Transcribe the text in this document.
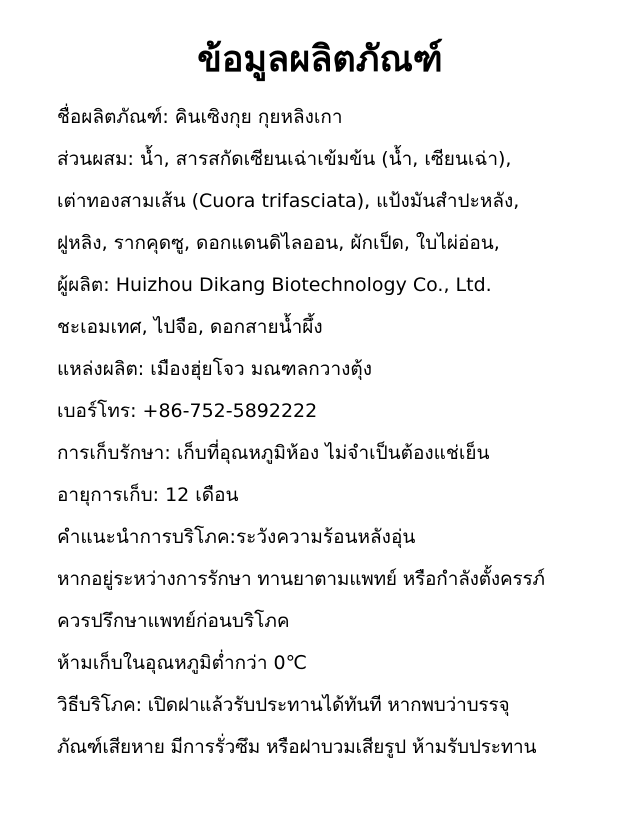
ข้อมูลผลิตภัณฑ์
ชื่อผลิตภัณฑ์: คินเซิงกุย กุยหลิงเกา
ส่วนผสม: น้ำ, สารสกัดเซียนเฉ่าเข้มข้น (น้ำ, เซียนเฉ่า),
เต่าทองสามเส้น (Cuora trifasciata), แป้งมันสำปะหลัง,
ฝูหลิง, รากคุดซู, ดอกแดนดิไลออน, ผักเป็ด, ใบไผ่อ่อน,
ผู้ผลิต: Huizhou Dikang Biotechnology Co., Ltd.
ชะเอมเทศ, ไปจือ, ดอกสายน้ำผึ้ง
แหล่งผลิต: เมืองฮุ่ยโจว มณฑลกวางตุ้ง
เบอร์โทร: +86-752-5892222
การเก็บรักษา: เก็บที่อุณหภูมิห้อง ไม่จำเป็นต้องแช่เย็น
อายุการเก็บ: 12 เดือน
คำแนะนำการบริโภค:ระวังความร้อนหลังอุ่น
หากอยู่ระหว่างการรักษา ทานยาตามแพทย์ หรือกำลังตั้งครรภ์
ควรปรึกษาแพทย์ก่อนบริโภค
ห้ามเก็บในอุณหภูมิต่ำกว่า 0℃
วิธีบริโภค: เปิดฝาแล้วรับประทานได้ทันที หากพบว่าบรรจุ
ภัณฑ์เสียหาย มีการรั่วซึม หรือฝาบวมเสียรูป ห้ามรับประทาน
